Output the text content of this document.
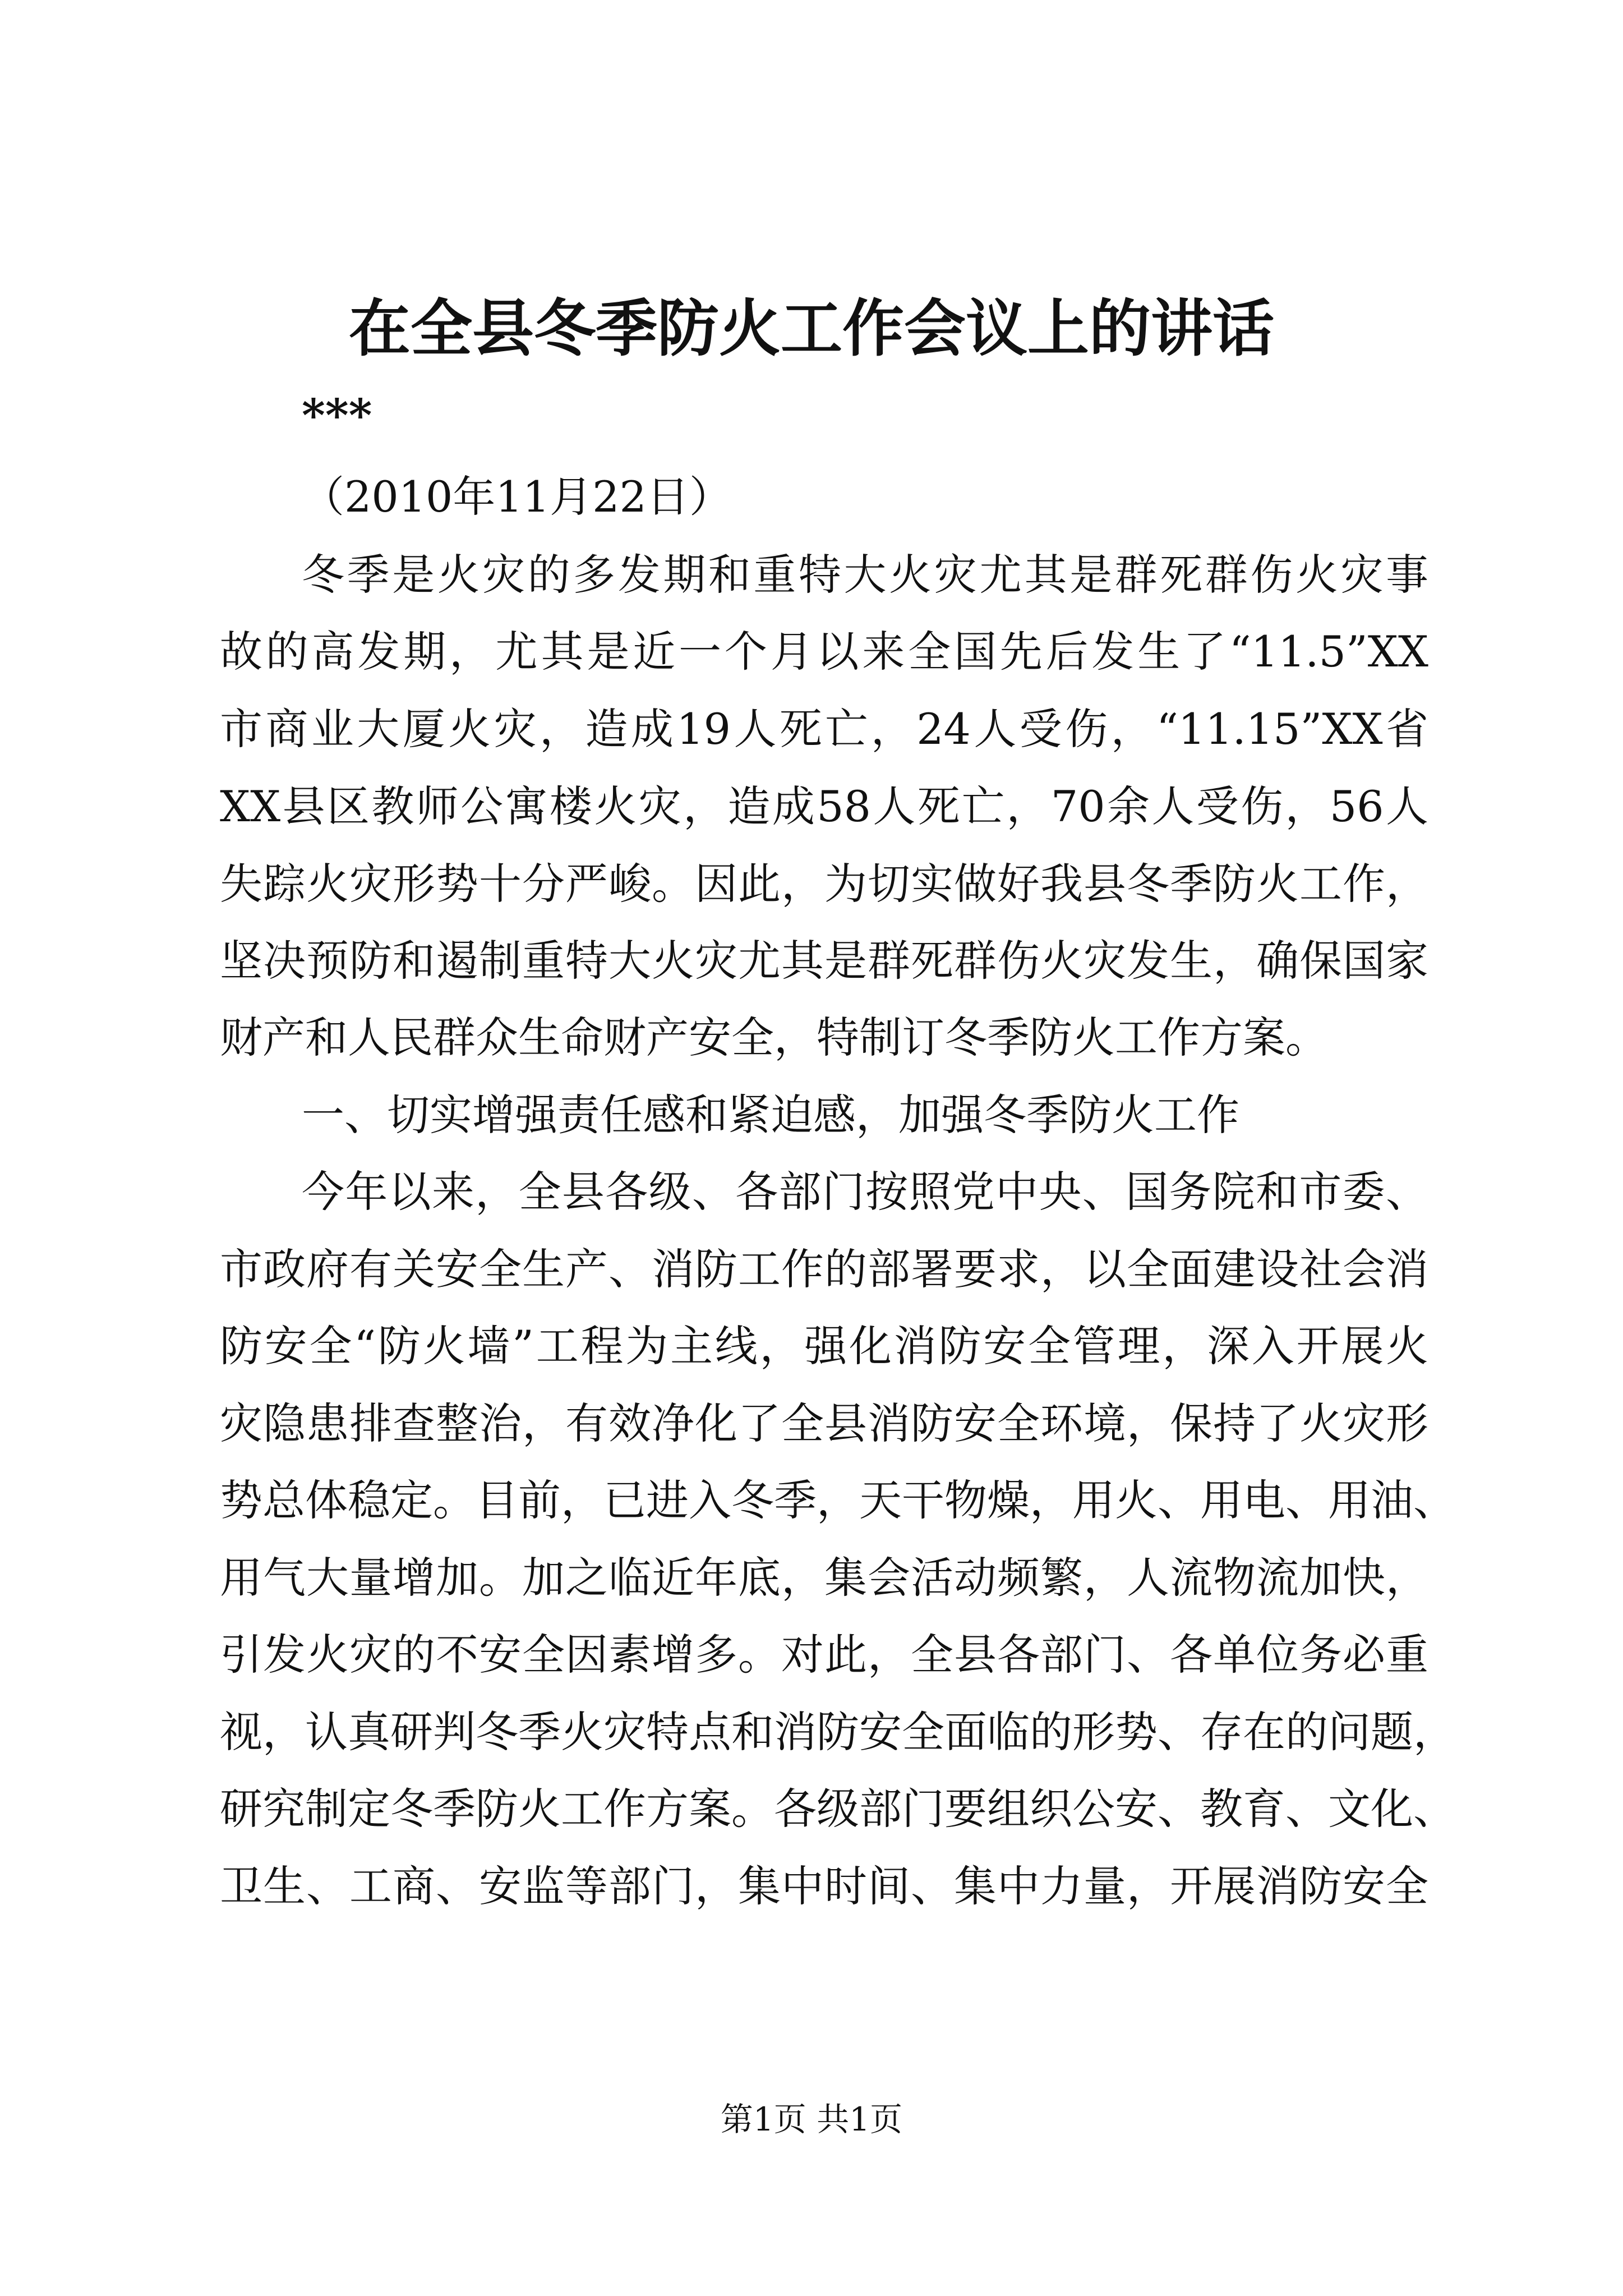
在全县冬季防火工作会议上的讲话

***

（2010年11月22日）

冬季是火灾的多发期和重特大火灾尤其是群死群伤火灾事

故的高发期，尤其是近一个月以来全国先后发生了“11.5”XX

市商业大厦火灾，造成19人死亡，24人受伤，“11.15”XX省

XX县区教师公寓楼火灾，造成58人死亡，70余人受伤，56人

失踪火灾形势十分严峻。因此，为切实做好我县冬季防火工作，

坚决预防和遏制重特大火灾尤其是群死群伤火灾发生，确保国家

财产和人民群众生命财产安全，特制订冬季防火工作方案。

一、切实增强责任感和紧迫感，加强冬季防火工作

今年以来，全县各级、各部门按照党中央、国务院和市委、

市政府有关安全生产、消防工作的部署要求，以全面建设社会消

防安全“防火墙”工程为主线，强化消防安全管理，深入开展火

灾隐患排查整治，有效净化了全县消防安全环境，保持了火灾形

势总体稳定。目前，已进入冬季，天干物燥，用火、用电、用油、

用气大量增加。加之临近年底，集会活动频繁，人流物流加快，

引发火灾的不安全因素增多。对此，全县各部门、各单位务必重

视，认真研判冬季火灾特点和消防安全面临的形势、存在的问题，

研究制定冬季防火工作方案。各级部门要组织公安、教育、文化、

卫生、工商、安监等部门，集中时间、集中力量，开展消防安全

第1页 共1页
